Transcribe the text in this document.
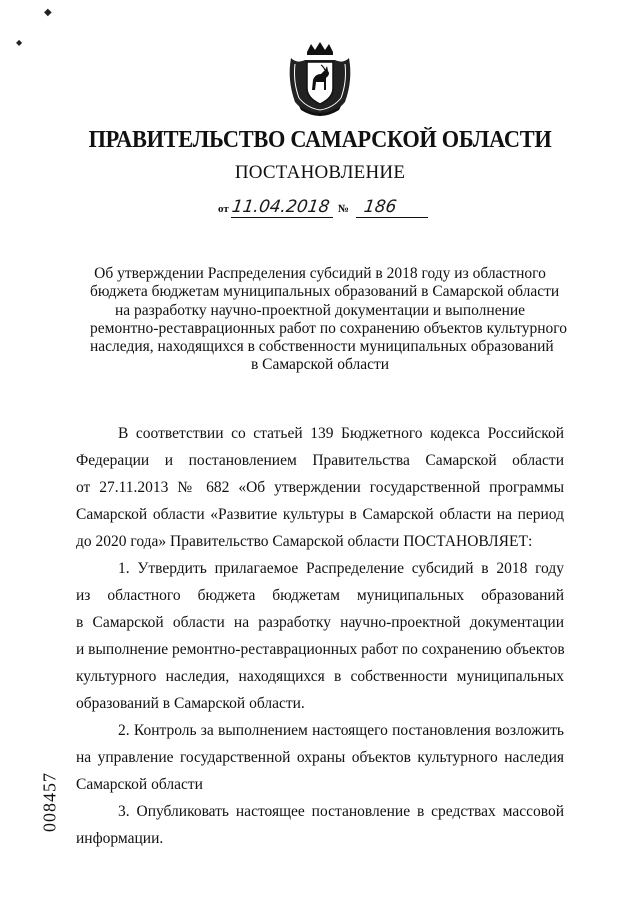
◆
◆
ПРАВИТЕЛЬСТВО САМАРСКОЙ ОБЛАСТИ
ПОСТАНОВЛЕНИЕ
от 11.04.2018 № 186
Об утверждении Распределения субсидий в 2018 году из областного
бюджета бюджетам муниципальных образований в Самарской области
на разработку научно-проектной документации и выполнение
ремонтно-реставрационных работ по сохранению объектов культурного
наследия, находящихся в собственности муниципальных образований
в Самарской области
В соответствии со статьей 139 Бюджетного кодекса Российской
Федерации и постановлением Правительства Самарской области
от 27.11.2013 № 682 «Об утверждении государственной программы
Самарской области «Развитие культуры в Самарской области на период
до 2020 года» Правительство Самарской области ПОСТАНОВЛЯЕТ:
1. Утвердить прилагаемое Распределение субсидий в 2018 году
из областного бюджета бюджетам муниципальных образований
в Самарской области на разработку научно-проектной документации
и выполнение ремонтно-реставрационных работ по сохранению объектов
культурного наследия, находящихся в собственности муниципальных
образований в Самарской области.
2. Контроль за выполнением настоящего постановления возложить
на управление государственной охраны объектов культурного наследия
Самарской области
3. Опубликовать настоящее постановление в средствах массовой
информации.
008457
